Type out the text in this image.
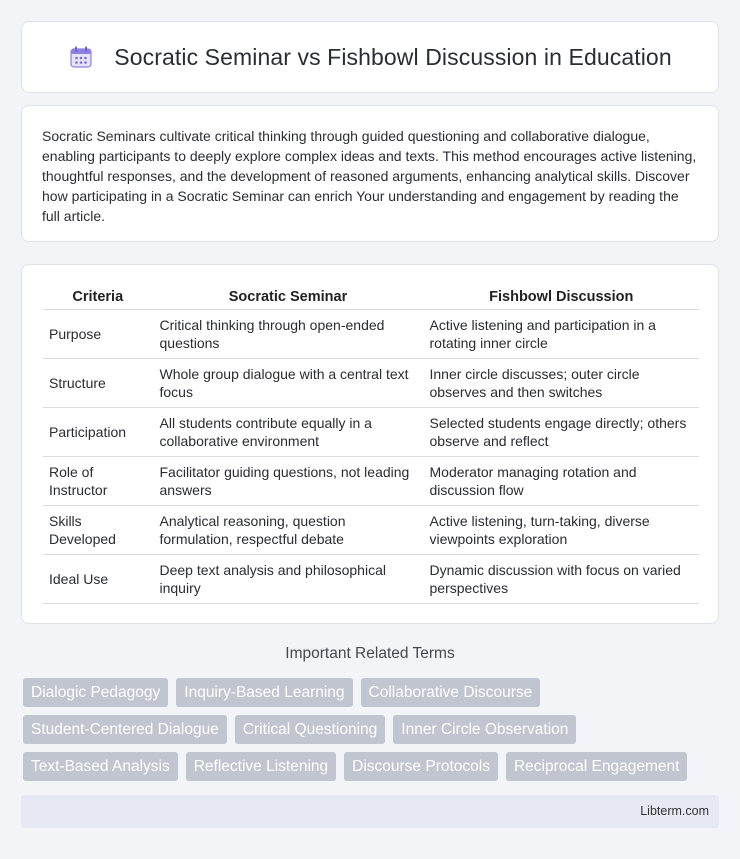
Socratic Seminar vs Fishbowl Discussion in Education

Socratic Seminars cultivate critical thinking through guided questioning and collaborative dialogue, enabling participants to deeply explore complex ideas and texts. This method encourages active listening, thoughtful responses, and the development of reasoned arguments, enhancing analytical skills. Discover how participating in a Socratic Seminar can enrich Your understanding and engagement by reading the full article.

Criteria	Socratic Seminar	Fishbowl Discussion
Purpose	Critical thinking through open-ended questions	Active listening and participation in a rotating inner circle
Structure	Whole group dialogue with a central text focus	Inner circle discusses; outer circle observes and then switches
Participation	All students contribute equally in a collaborative environment	Selected students engage directly; others observe and reflect
Role of Instructor	Facilitator guiding questions, not leading answers	Moderator managing rotation and discussion flow
Skills Developed	Analytical reasoning, question formulation, respectful debate	Active listening, turn-taking, diverse viewpoints exploration
Ideal Use	Deep text analysis and philosophical inquiry	Dynamic discussion with focus on varied perspectives
Important Related Terms
Dialogic Pedagogy	Inquiry-Based Learning	Collaborative Discourse
Student-Centered Dialogue	Critical Questioning	Inner Circle Observation
Text-Based Analysis	Reflective Listening	Discourse Protocols	Reciprocal Engagement
Libterm.com
